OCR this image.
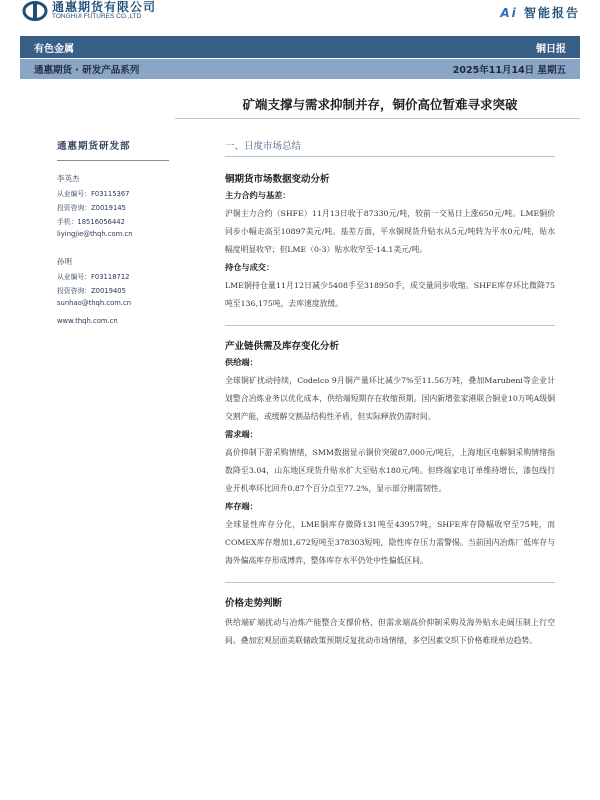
通惠期货有限公司
TONGHUI FUTURES CO.,LTD	Ai 智能报告
有色金属	铜日报
通惠期货 · 研发产品系列	2025年11月14日 星期五
矿端支撑与需求抑制并存，铜价高位暂难寻求突破
通惠期货研发部
李英杰
从业编号：F03115367
投资咨询：Z0019145
手机：18516056442
liyingjie@thqh.com.cn
孙明
从业编号：F03118712
投资咨询：Z0019405
sunhao@thqh.com.cn
www.thqh.com.cn
一、日度市场总结
铜期货市场数据变动分析
主力合约与基差：

沪铜主力合约（SHFE）11月13日收于87330元/吨，较前一交易日上涨650元/吨。LME铜价同步小幅走高至10897美元/吨。基差方面，平水铜现货升贴水从5元/吨转为平水0元/吨，贴水幅度明显收窄；但LME（0-3）贴水收窄至-14.1美元/吨。

持仓与成交：

LME铜持仓量11月12日减少5408手至318950手，成交量同步收缩。SHFE库存环比微降75吨至136,175吨，去库速度放缓。

产业链供需及库存变化分析
供给端：

全球铜矿扰动持续，Codelco 9月铜产量环比减少7%至11.56万吨，叠加Marubeni等企业计划整合冶炼业务以优化成本，供给端短期存在收缩预期。国内新增张家港联合铜业10万吨A级铜交割产能，或缓解交割品结构性矛盾，但实际释放仍需时间。

需求端：

高价抑制下游采购情绪，SMM数据显示铜价突破87,000元/吨后，上海地区电解铜采购情绪指数降至3.04，山东地区现货升贴水扩大至贴水180元/吨。但终端家电订单维持增长，漆包线行业开机率环比回升0.87个百分点至77.2%，显示部分刚需韧性。

库存端：

全球显性库存分化，LME铜库存微降131吨至43957吨，SHFE库存降幅收窄至75吨，而COMEX库存增加1,672短吨至378303短吨，隐性库存压力需警惕。当前国内冶炼厂低库存与海外偏高库存形成博弈，整体库存水平仍处中性偏低区间。

价格走势判断

供给端矿端扰动与冶炼产能整合支撑价格，但需求端高价抑制采购及海外贴水走阔压制上行空间。叠加宏观层面美联储政策预期反复扰动市场情绪，多空因素交织下价格难现单边趋势。
